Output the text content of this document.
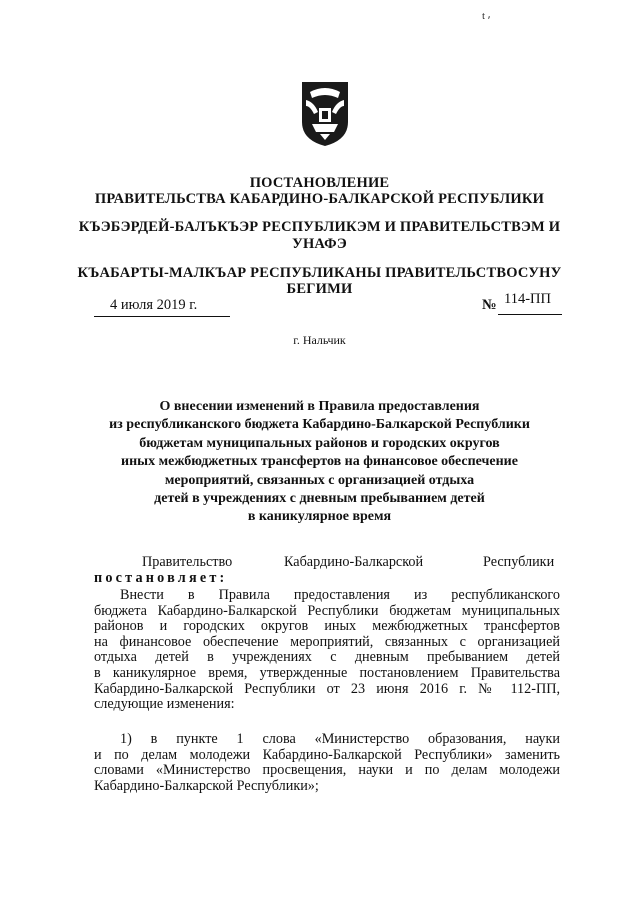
t ⸴
ПОСТАНОВЛЕНИЕ
ПРАВИТЕЛЬСТВА КАБАРДИНО-БАЛКАРСКОЙ РЕСПУБЛИКИ
КЪЭБЭРДЕЙ-БАЛЪКЪЭР РЕСПУБЛИКЭМ И ПРАВИТЕЛЬСТВЭМ И
УНАФЭ
КЪАБАРТЫ-МАЛКЪАР РЕСПУБЛИКАНЫ ПРАВИТЕЛЬСТВОСУНУ
БЕГИМИ
4 июля 2019 г.	№ 114-ПП
г. Нальчик
О внесении изменений в Правила предоставления
из республиканского бюджета Кабардино-Балкарской Республики
бюджетам муниципальных районов и городских округов
иных межбюджетных трансфертов на финансовое обеспечение
мероприятий, связанных с организацией отдыха
детей в учреждениях с дневным пребыванием детей
в каникулярное время
Правительство	Кабардино-Балкарской	Республики
постановляет:
Внести в Правила предоставления из республиканского
бюджета Кабардино-Балкарской Республики бюджетам муниципальных
районов и городских округов иных межбюджетных трансфертов
на финансовое обеспечение мероприятий, связанных с организацией
отдыха детей в учреждениях с дневным пребыванием детей
в каникулярное время, утвержденные постановлением Правительства
Кабардино-Балкарской Республики от 23 июня 2016 г. № 112-ПП,
следующие изменения:
1) в пункте 1 слова «Министерство образования, науки
и по делам молодежи Кабардино-Балкарской Республики» заменить
словами «Министерство просвещения, науки и по делам молодежи
Кабардино-Балкарской Республики»;
